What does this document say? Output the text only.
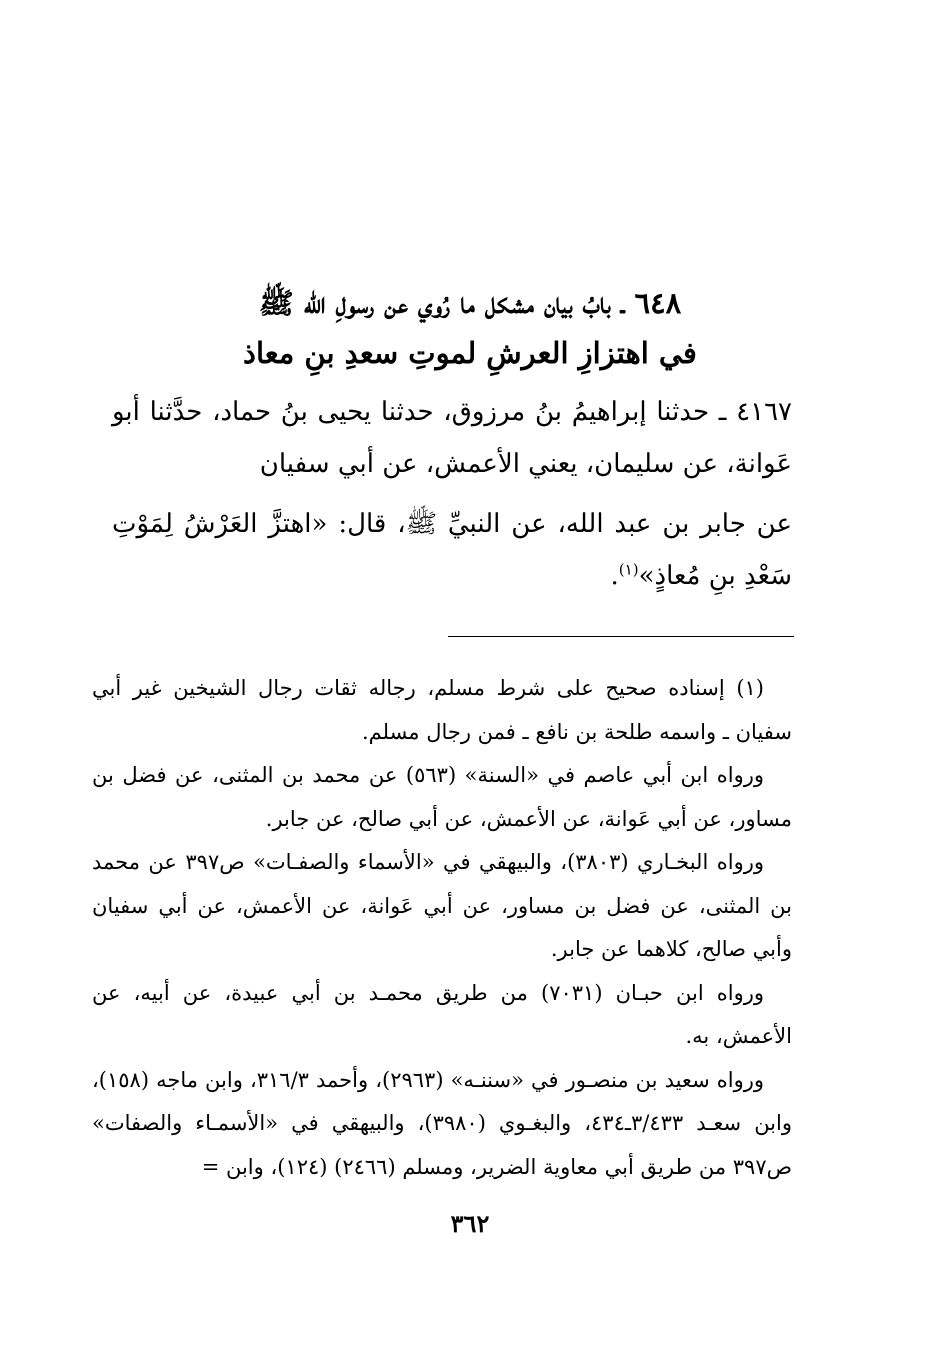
٦٤٨ ـ بابُ بيان مشكل ما رُوي عن رسولِ الله ﷺ
في اهتزازِ العرشِ لموتِ سعدِ بنِ معاذ
٤١٦٧ ـ حدثنا إبراهيمُ بنُ مرزوق، حدثنا يحيى بنُ حماد، حدَّثنا أبو عَوانة، عن سليمان، يعني الأعمش، عن أبي سفيان
عن جابر بن عبد الله، عن النبيِّ ﷺ، قال: «اهتزَّ العَرْشُ لِمَوْتِ سَعْدِ بنِ مُعاذٍ»$^{(١)}$.

(١) إسناده صحيح على شرط مسلم، رجاله ثقات رجال الشيخين غير أبي سفيان ـ واسمه طلحة بن نافع ـ فمن رجال مسلم.

ورواه ابن أبي عاصم في «السنة» (٥٦٣) عن محمد بن المثنى، عن فضل بن مساور، عن أبي عَوانة، عن الأعمش، عن أبي صالح، عن جابر.

ورواه البخـاري (٣٨٠٣)، والبيهقي في «الأسماء والصفـات» ص٣٩٧ عن محمد بن المثنى، عن فضل بن مساور، عن أبي عَوانة، عن الأعمش، عن أبي سفيان وأبي صالح، كلاهما عن جابر.

ورواه ابن حبـان (٧٠٣١) من طريق محمـد بن أبي عبيدة، عن أبيه، عن الأعمش، به.

ورواه سعيد بن منصـور في «سننـه» (٢٩٦٣)، وأحمد ٣١٦/٣، وابن ماجه (١٥٨)، وابن سعـد ٣/٤٣٣ـ٤٣٤، والبغـوي (٣٩٨٠)، والبيهقي في «الأسمـاء والصفات» ص٣٩٧ من طريق أبي معاوية الضرير، ومسلم (٢٤٦٦) (١٢٤)، وابن =

٣٦٢
